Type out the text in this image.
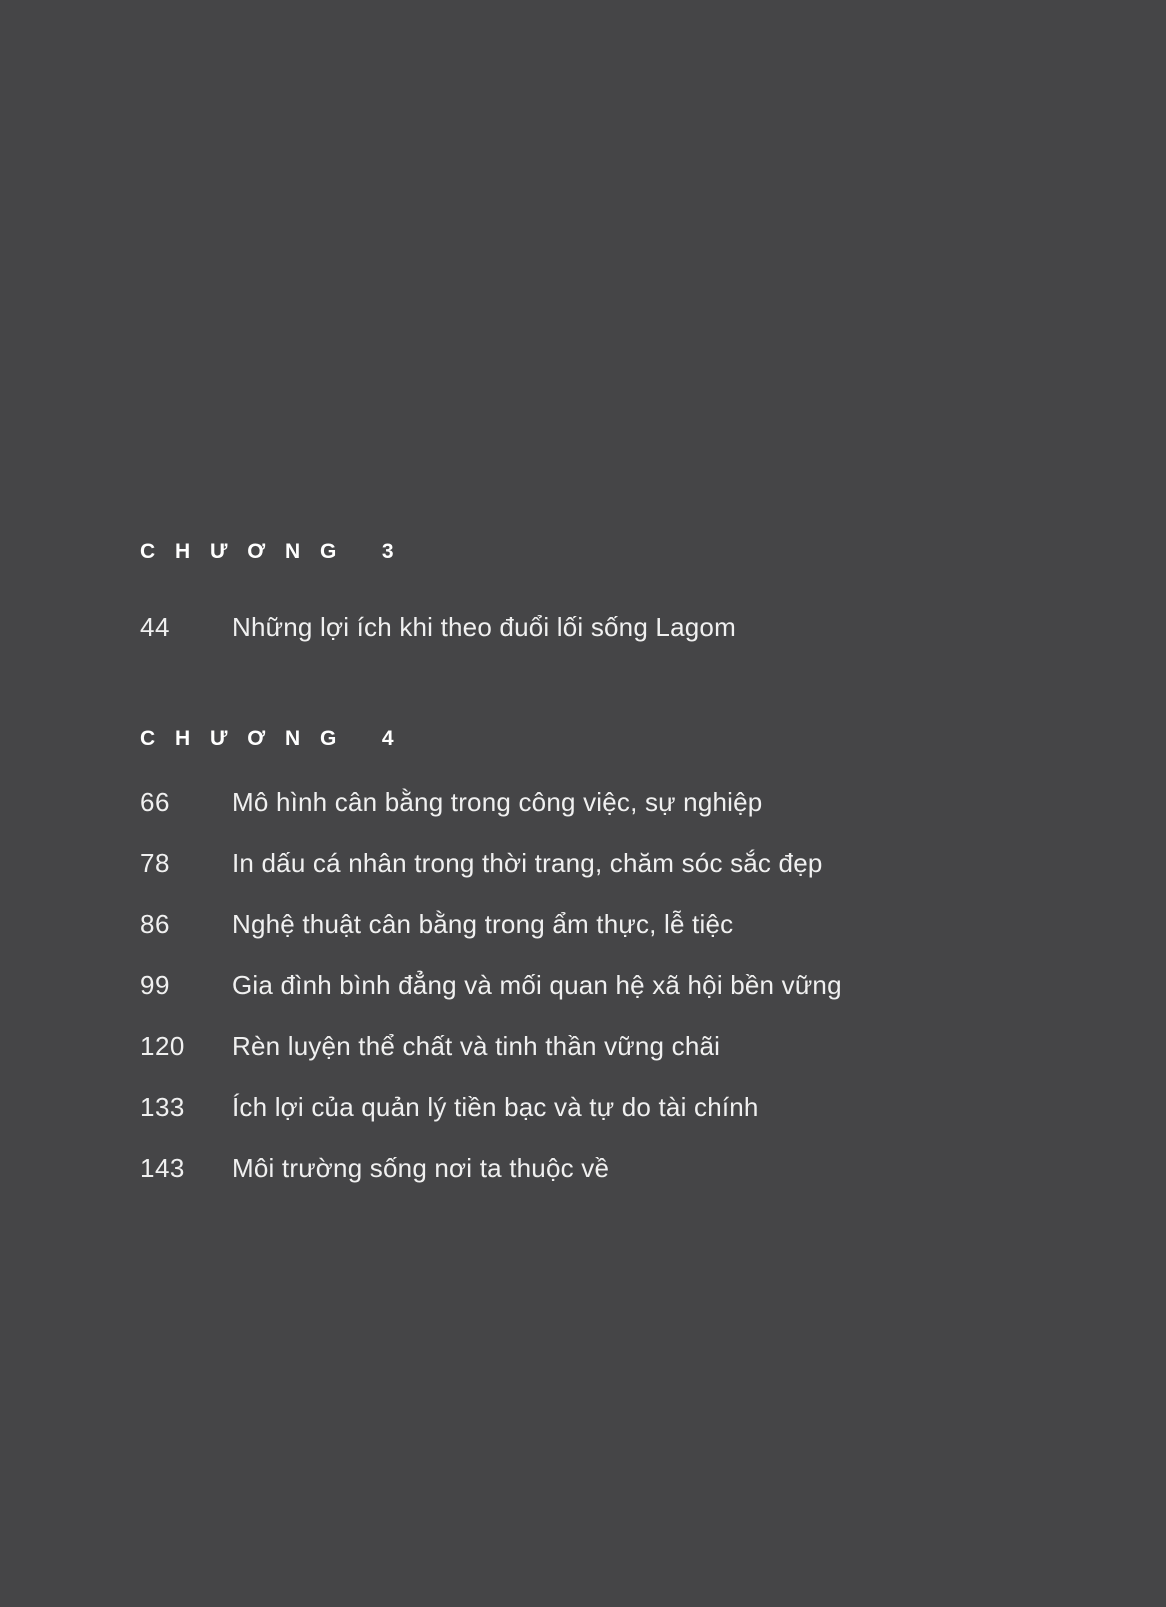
C H Ư Ơ N G   3
44	Những lợi ích khi theo đuổi lối sống Lagom
C H Ư Ơ N G   4
66	Mô hình cân bằng trong công việc, sự nghiệp
78	In dấu cá nhân trong thời trang, chăm sóc sắc đẹp
86	Nghệ thuật cân bằng trong ẩm thực, lễ tiệc
99	Gia đình bình đẳng và mối quan hệ xã hội bền vững
120	Rèn luyện thể chất và tinh thần vững chãi
133	Ích lợi của quản lý tiền bạc và tự do tài chính
143	Môi trường sống nơi ta thuộc về
